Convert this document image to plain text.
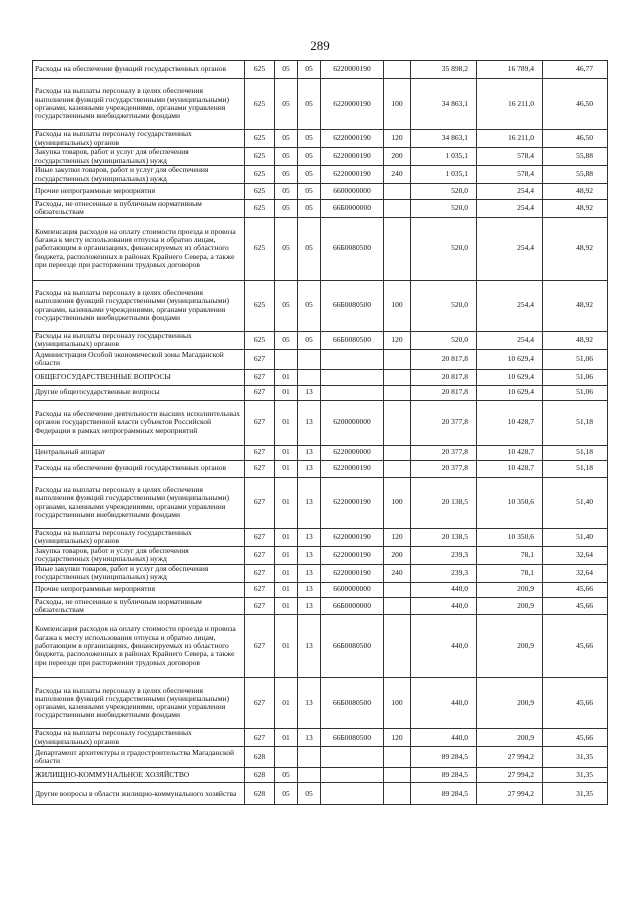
289
Расходы на обеспечение функций государственных органов	625	05	05	6220000190		35 898,2	16 789,4	46,77
Расходы на выплаты персоналу в целях обеспечения выполнения функций государственными (муниципальными) органами, казенными учреждениями, органами управления государственными внебюджетными фондами	625	05	05	6220000190	100	34 863,1	16 211,0	46,50
Расходы на выплаты персоналу государственных (муниципальных) органов	625	05	05	6220000190	120	34 863,1	16 211,0	46,50
Закупка товаров, работ и услуг для обеспечения государственных (муниципальных) нужд	625	05	05	6220000190	200	1 035,1	578,4	55,88
Иные закупки товаров, работ и услуг для обеспечения государственных (муниципальных) нужд	625	05	05	6220000190	240	1 035,1	578,4	55,88
Прочие непрограммные мероприятия	625	05	05	6600000000		520,0	254,4	48,92
Расходы, не отнесенные к публичным нормативным обязательствам	625	05	05	66Б0000000		520,0	254,4	48,92
Компенсация расходов на оплату стоимости проезда и провоза багажа к месту использования отпуска и обратно лицам, работающим в организациях, финансируемых из областного бюджета, расположенных в районах Крайнего Севера, а также при переезде при расторжении трудовых договоров	625	05	05	66Б0080500		520,0	254,4	48,92
Расходы на выплаты персоналу в целях обеспечения выполнения функций государственными (муниципальными) органами, казенными учреждениями, органами управления государственными внебюджетными фондами	625	05	05	66Б0080500	100	520,0	254,4	48,92
Расходы на выплаты персоналу государственных (муниципальных) органов	625	05	05	66Б0080500	120	520,0	254,4	48,92
Администрация Особой экономической зоны Магаданской области	627					20 817,8	10 629,4	51,06
ОБЩЕГОСУДАРСТВЕННЫЕ ВОПРОСЫ	627	01				20 817,8	10 629,4	51,06
Другие общегосударственные вопросы	627	01	13			20 817,8	10 629,4	51,06
Расходы на обеспечение деятельности высших исполнительных органов государственной власти субъектов Российской Федерации в рамках непрограммных мероприятий	627	01	13	6200000000		20 377,8	10 428,7	51,18
Центральный аппарат	627	01	13	6220000000		20 377,8	10 428,7	51,18
Расходы на обеспечение функций государственных органов	627	01	13	6220000190		20 377,8	10 428,7	51,18
Расходы на выплаты персоналу в целях обеспечения выполнения функций государственными (муниципальными) органами, казенными учреждениями, органами управления государственными внебюджетными фондами	627	01	13	6220000190	100	20 138,5	10 350,6	51,40
Расходы на выплаты персоналу государственных (муниципальных) органов	627	01	13	6220000190	120	20 138,5	10 350,6	51,40
Закупка товаров, работ и услуг для обеспечения государственных (муниципальных) нужд	627	01	13	6220000190	200	239,3	78,1	32,64
Иные закупки товаров, работ и услуг для обеспечения государственных (муниципальных) нужд	627	01	13	6220000190	240	239,3	78,1	32,64
Прочие непрограммные мероприятия	627	01	13	6600000000		440,0	200,9	45,66
Расходы, не отнесенные к публичным нормативным обязательствам	627	01	13	66Б0000000		440,0	200,9	45,66
Компенсация расходов на оплату стоимости проезда и провоза багажа к месту использования отпуска и обратно лицам, работающим в организациях, финансируемых из областного бюджета, расположенных в районах Крайнего Севера, а также при переезде при расторжении трудовых договоров	627	01	13	66Б0080500		440,0	200,9	45,66
Расходы на выплаты персоналу в целях обеспечения выполнения функций государственными (муниципальными) органами, казенными учреждениями, органами управления государственными внебюджетными фондами	627	01	13	66Б0080500	100	440,0	200,9	45,66
Расходы на выплаты персоналу государственных (муниципальных) органов	627	01	13	66Б0080500	120	440,0	200,9	45,66
Департамент архитектуры и градостроительства Магаданской области	628					89 284,5	27 994,2	31,35
ЖИЛИЩНО-КОММУНАЛЬНОЕ ХОЗЯЙСТВО	628	05				89 284,5	27 994,2	31,35
Другие вопросы в области жилищно-коммунального хозяйства	628	05	05			89 284,5	27 994,2	31,35
